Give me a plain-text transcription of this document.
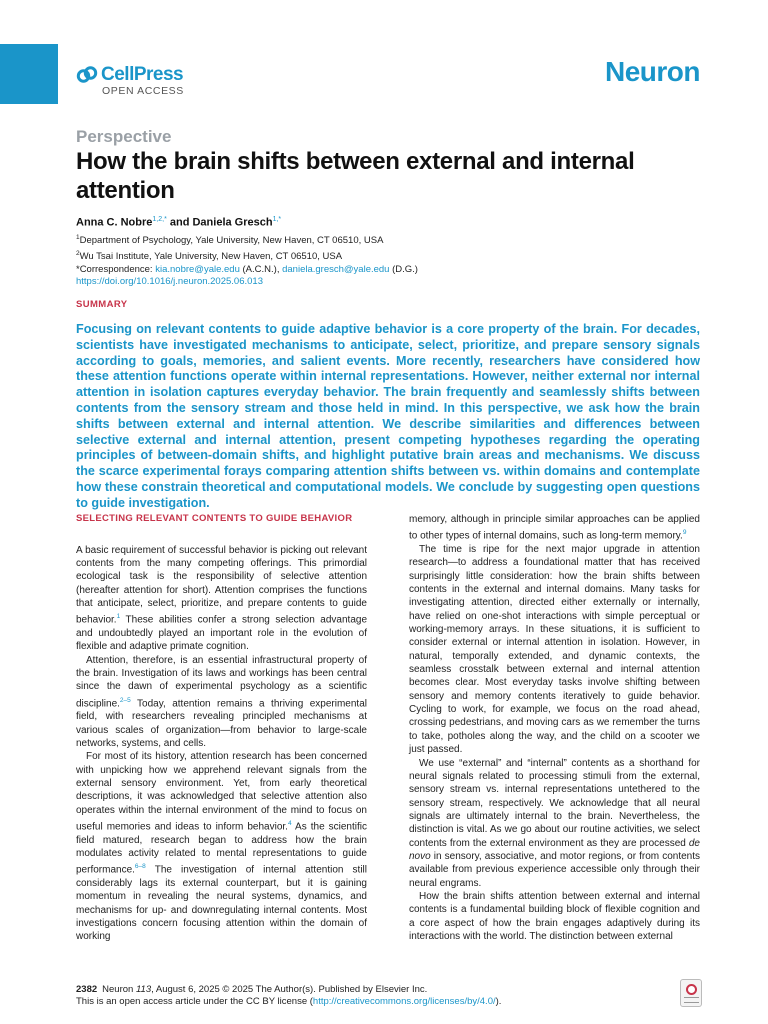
CellPress
OPEN ACCESS
Neuron
Perspective
How the brain shifts between external and internal attention
Anna C. Nobre$^{1,2,*}$ and Daniela Gresch$^{1,*}$
$^1$Department of Psychology, Yale University, New Haven, CT 06510, USA
$^2$Wu Tsai Institute, Yale University, New Haven, CT 06510, USA
*Correspondence: kia.nobre@yale.edu (A.C.N.), daniela.gresch@yale.edu (D.G.)
https://doi.org/10.1016/j.neuron.2025.06.013
SUMMARY

Focusing on relevant contents to guide adaptive behavior is a core property of the brain. For decades, scientists have investigated mechanisms to anticipate, select, prioritize, and prepare sensory signals according to goals, memories, and salient events. More recently, researchers have considered how these attention functions operate within internal representations. However, neither external nor internal attention in isolation captures everyday behavior. The brain frequently and seamlessly shifts between contents from the sensory stream and those held in mind. In this perspective, we ask how the brain shifts between external and internal attention. We describe similarities and differences between selective external and internal attention, present competing hypotheses regarding the operating principles of between-domain shifts, and highlight putative brain areas and mechanisms. We discuss the scarce experimental forays comparing attention shifts between vs. within domains and contemplate how these constrain theoretical and computational models. We conclude by suggesting open questions to guide investigation.

SELECTING RELEVANT CONTENTS TO GUIDE BEHAVIOR

A basic requirement of successful behavior is picking out relevant contents from the many competing offerings. This primordial ecological task is the responsibility of selective attention (hereafter attention for short). Attention comprises the functions that anticipate, select, prioritize, and prepare contents to guide behavior.$^1$ These abilities confer a strong selection advantage and undoubtedly played an important role in the evolution of flexible and adaptive primate cognition.

Attention, therefore, is an essential infrastructural property of the brain. Investigation of its laws and workings has been central since the dawn of experimental psychology as a scientific discipline.$^{2-5}$ Today, attention remains a thriving experimental field, with researchers revealing principled mechanisms at various scales of organization—from behavior to large-scale networks, systems, and cells.

For most of its history, attention research has been concerned with unpicking how we apprehend relevant signals from the external sensory environment. Yet, from early theoretical descriptions, it was acknowledged that selective attention also operates within the internal environment of the mind to focus on useful memories and ideas to inform behavior.$^4$ As the scientific field matured, research began to address how the brain modulates activity related to mental representations to guide performance.$^{6-8}$ The investigation of internal attention still considerably lags its external counterpart, but it is gaining momentum in revealing the neural systems, dynamics, and mechanisms for up- and downregulating internal contents. Most investigations concern focusing attention within the domain of working

memory, although in principle similar approaches can be applied to other types of internal domains, such as long-term memory.$^9$

The time is ripe for the next major upgrade in attention research—to address a foundational matter that has received surprisingly little consideration: how the brain shifts between contents in the external and internal domains. Many tasks for investigating attention, directed either externally or internally, have relied on one-shot interactions with simple perceptual or working-memory arrays. In these situations, it is sufficient to consider external or internal attention in isolation. However, in natural, temporally extended, and dynamic contexts, the seamless crosstalk between external and internal attention becomes clear. Most everyday tasks involve shifting between sensory and memory contents iteratively to guide behavior. Cycling to work, for example, we focus on the road ahead, crossing pedestrians, and moving cars as we remember the turns to take, potholes along the way, and the child on a scooter we just passed.

We use “external” and “internal” contents as a shorthand for neural signals related to processing stimuli from the external, sensory stream vs. internal representations untethered to the sensory stream, respectively. We acknowledge that all neural signals are ultimately internal to the brain. Nevertheless, the distinction is vital. As we go about our routine activities, we select contents from the external environment as they are processed de novo in sensory, associative, and motor regions, or from contents available from previous experience accessible only through their neural engrams.

How the brain shifts attention between external and internal contents is a fundamental building block of flexible cognition and a core aspect of how the brain engages adaptively during its interactions with the world. The distinction between external

2382 Neuron 113, August 6, 2025 © 2025 The Author(s). Published by Elsevier Inc.
This is an open access article under the CC BY license (http://creativecommons.org/licenses/by/4.0/).
